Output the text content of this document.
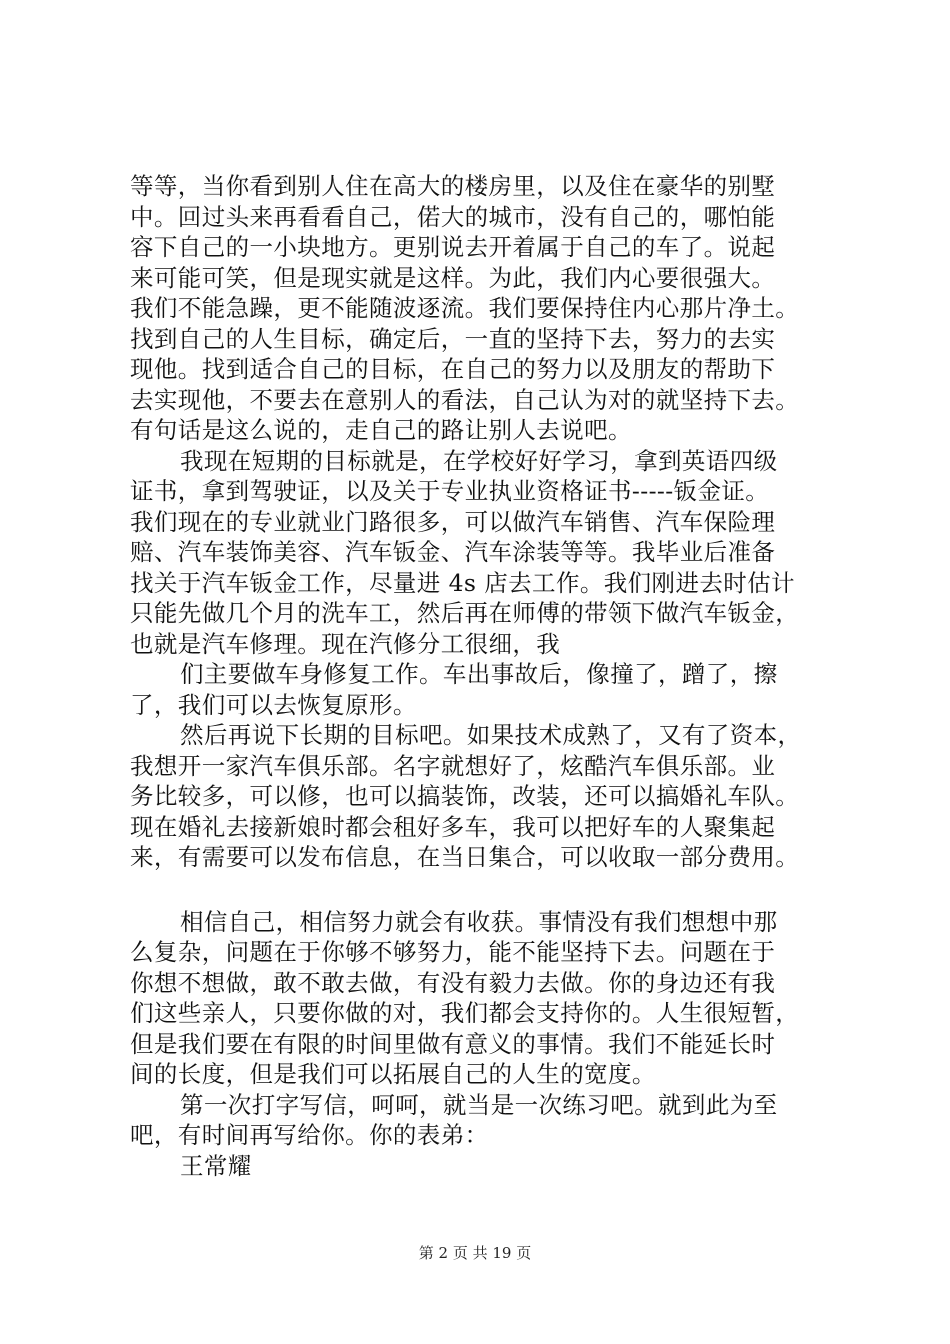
等等，当你看到别人住在高大的楼房里，以及住在豪华的别墅
中。回过头来再看看自己，偌大的城市，没有自己的，哪怕能
容下自己的一小块地方。更别说去开着属于自己的车了。说起
来可能可笑，但是现实就是这样。为此，我们内心要很强大。
我们不能急躁，更不能随波逐流。我们要保持住内心那片净土。
找到自己的人生目标，确定后，一直的坚持下去，努力的去实
现他。找到适合自己的目标，在自己的努力以及朋友的帮助下
去实现他，不要去在意别人的看法，自己认为对的就坚持下去。
有句话是这么说的，走自己的路让别人去说吧。
我现在短期的目标就是，在学校好好学习，拿到英语四级
证书，拿到驾驶证，以及关于专业执业资格证书-----钣金证。
我们现在的专业就业门路很多，可以做汽车销售、汽车保险理
赔、汽车装饰美容、汽车钣金、汽车涂装等等。我毕业后准备
找关于汽车钣金工作，尽量进 4s 店去工作。我们刚进去时估计
只能先做几个月的洗车工，然后再在师傅的带领下做汽车钣金，
也就是汽车修理。现在汽修分工很细，我
们主要做车身修复工作。车出事故后，像撞了，蹭了，擦
了，我们可以去恢复原形。
然后再说下长期的目标吧。如果技术成熟了，又有了资本，
我想开一家汽车俱乐部。名字就想好了，炫酷汽车俱乐部。业
务比较多，可以修，也可以搞装饰，改装，还可以搞婚礼车队。
现在婚礼去接新娘时都会租好多车，我可以把好车的人聚集起
来，有需要可以发布信息，在当日集合，可以收取一部分费用。
相信自己，相信努力就会有收获。事情没有我们想想中那
么复杂，问题在于你够不够努力，能不能坚持下去。问题在于
你想不想做，敢不敢去做，有没有毅力去做。你的身边还有我
们这些亲人，只要你做的对，我们都会支持你的。人生很短暂，
但是我们要在有限的时间里做有意义的事情。我们不能延长时
间的长度，但是我们可以拓展自己的人生的宽度。
第一次打字写信，呵呵，就当是一次练习吧。就到此为至
吧，有时间再写给你。你的表弟：
王常耀
第 2 页 共 19 页
